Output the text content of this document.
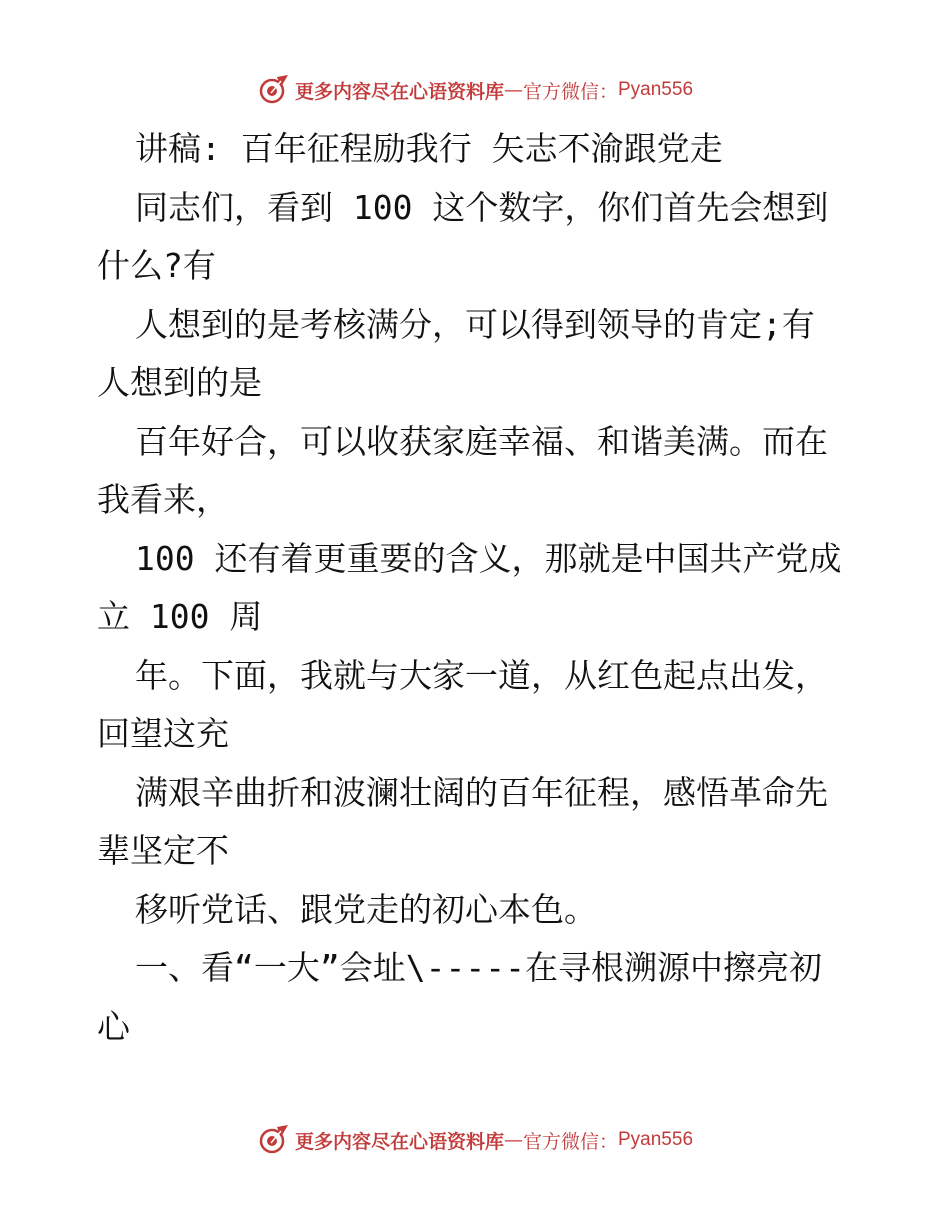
更多内容尽在心语资料库 — 官方微信： Pyan556
讲稿: 百年征程励我行 矢志不渝跟党走
同志们，看到 100 这个数字，你们首先会想到
什么?有
人想到的是考核满分，可以得到领导的肯定;有
人想到的是
百年好合，可以收获家庭幸福、和谐美满。而在
我看来，
100 还有着更重要的含义，那就是中国共产党成
立 100 周
年。下面，我就与大家一道，从红色起点出发，
回望这充
满艰辛曲折和波澜壮阔的百年征程，感悟革命先
辈坚定不
移听党话、跟党走的初心本色。
一、看“一大”会址\-----在寻根溯源中擦亮初
心
更多内容尽在心语资料库 — 官方微信： Pyan556
